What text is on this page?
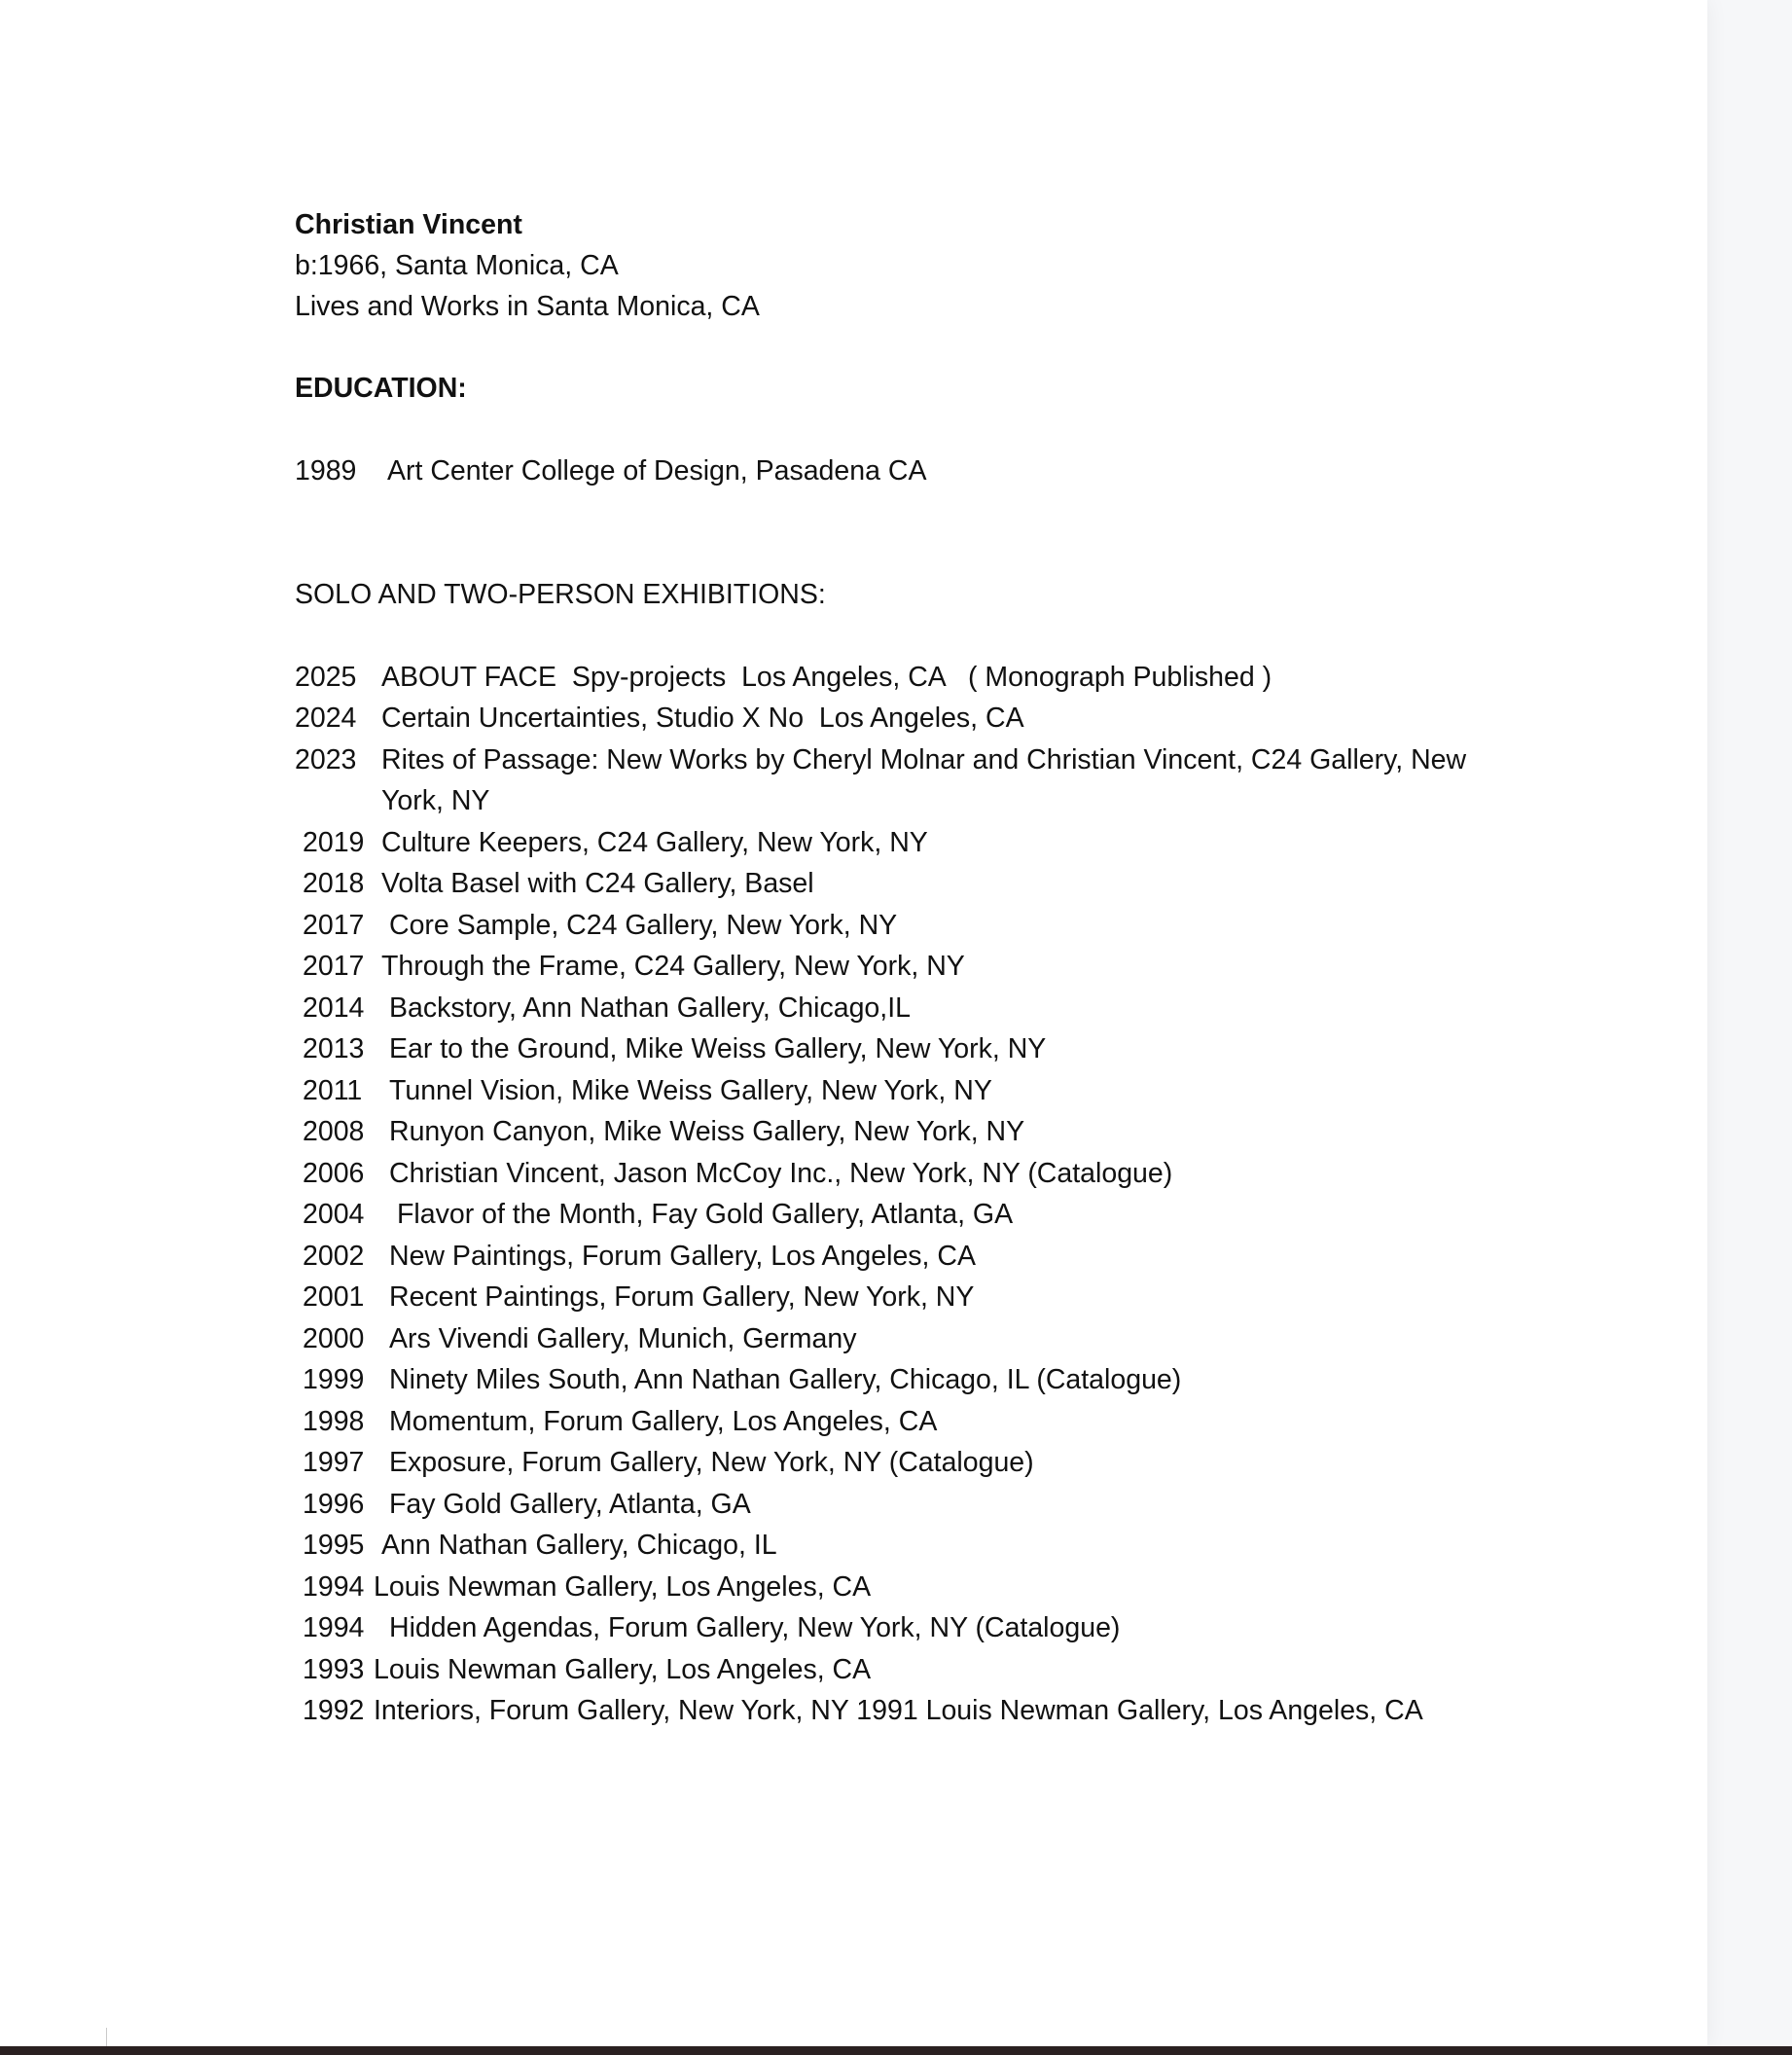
Christian Vincent
b:1966, Santa Monica, CA
Lives and Works in Santa Monica, CA
EDUCATION:
1989 Art Center College of Design, Pasadena CA
SOLO AND TWO-PERSON EXHIBITIONS:
2025 ABOUT FACE  Spy-projects  Los Angeles, CA   ( Monograph Published )
2024 Certain Uncertainties, Studio X No  Los Angeles, CA
2023 Rites of Passage: New Works by Cheryl Molnar and Christian Vincent, C24 Gallery, New
York, NY
2019 Culture Keepers, C24 Gallery, New York, NY
2018 Volta Basel with C24 Gallery, Basel
2017 Core Sample, C24 Gallery, New York, NY
2017 Through the Frame, C24 Gallery, New York, NY
2014 Backstory, Ann Nathan Gallery, Chicago,IL
2013 Ear to the Ground, Mike Weiss Gallery, New York, NY
2011 Tunnel Vision, Mike Weiss Gallery, New York, NY
2008 Runyon Canyon, Mike Weiss Gallery, New York, NY
2006 Christian Vincent, Jason McCoy Inc., New York, NY (Catalogue)
2004 Flavor of the Month, Fay Gold Gallery, Atlanta, GA
2002 New Paintings, Forum Gallery, Los Angeles, CA
2001 Recent Paintings, Forum Gallery, New York, NY
2000 Ars Vivendi Gallery, Munich, Germany
1999 Ninety Miles South, Ann Nathan Gallery, Chicago, IL (Catalogue)
1998 Momentum, Forum Gallery, Los Angeles, CA
1997 Exposure, Forum Gallery, New York, NY (Catalogue)
1996 Fay Gold Gallery, Atlanta, GA
1995 Ann Nathan Gallery, Chicago, IL
1994 Louis Newman Gallery, Los Angeles, CA
1994 Hidden Agendas, Forum Gallery, New York, NY (Catalogue)
1993 Louis Newman Gallery, Los Angeles, CA
1992 Interiors, Forum Gallery, New York, NY 1991 Louis Newman Gallery, Los Angeles, CA
